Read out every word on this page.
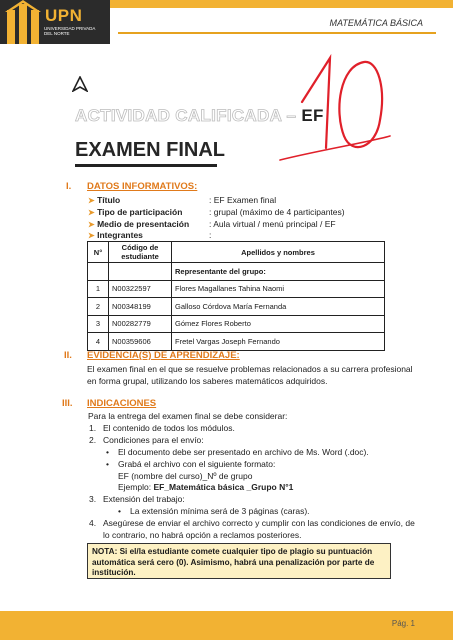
UPN
UNIVERSIDAD PRIVADA DEL NORTE
MATEMÁTICA BÁSICA
ACTIVIDAD CALIFICADA – EF
EXAMEN FINAL
I. DATOS INFORMATIVOS:
➤ Título	: EF Examen final
➤ Tipo de participación	: grupal (máximo de 4 participantes)
➤ Medio de presentación : Aula virtual / menú principal / EF
➤ Integrantes	:
N°	Código de estudiante	Apellidos y nombres
		Representante del grupo:
1	N00322597	Flores Magallanes Tahina Naomi
2	N00348199	Galloso Córdova María Fernanda
3	N00282779	Gómez Flores Roberto
4	N00359606	Fretel Vargas Joseph Fernando
II. EVIDENCIA(S) DE APRENDIZAJE:
El examen final en el que se resuelve problemas relacionados a su carrera profesional
en forma grupal, utilizando los saberes matemáticos adquiridos.
III. INDICACIONES
Para la entrega del examen final se debe considerar:
1. El contenido de todos los módulos.
2. Condiciones para el envío:
• El documento debe ser presentado en archivo de Ms. Word (.doc).
• Grabá el archivo con el siguiente formato:
EF (nombre del curso)_Nº de grupo
Ejemplo: EF_Matemática básica _Grupo N°1
3. Extensión del trabajo:
• La extensión mínima será de 3 páginas (caras).
4. Asegúrese de enviar el archivo correcto y cumplir con las condiciones de envío, de
lo contrario, no habrá opción a reclamos posteriores.
NOTA: Si el/la estudiante comete cualquier tipo de plagio su puntuación automática será cero (0). Asimismo, habrá una penalización por parte de institución.
Pág. 1
